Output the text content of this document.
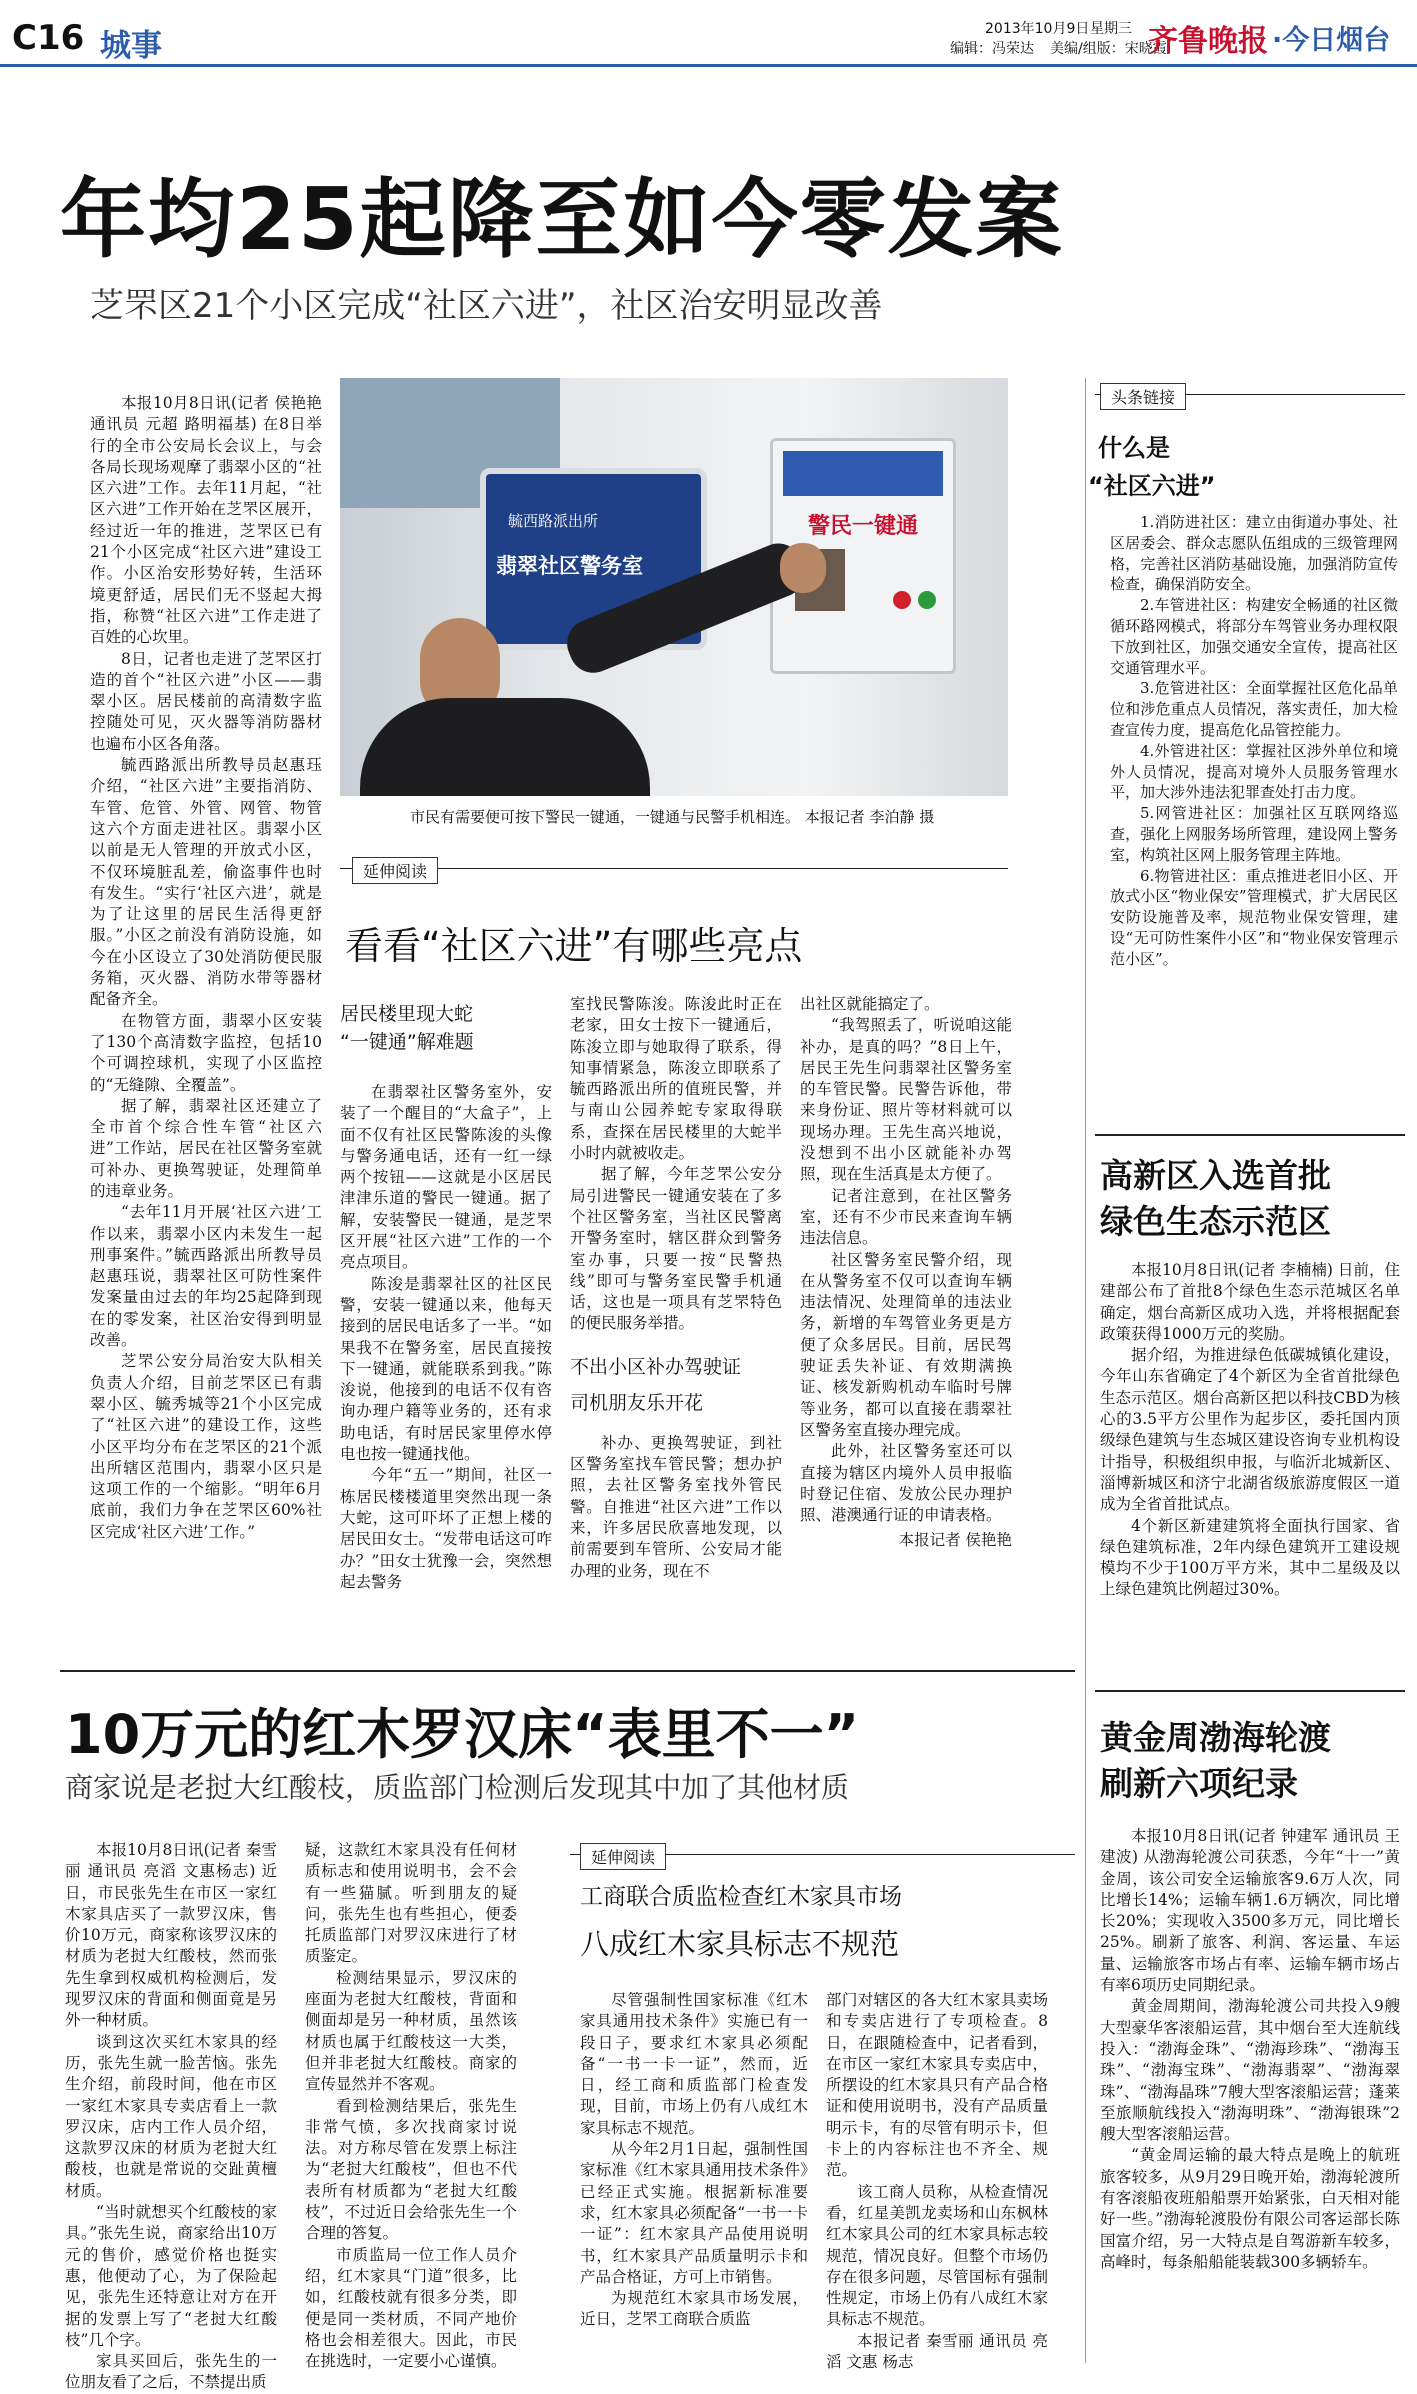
C16 城事	2013年10月9日 星期三
编辑：冯荣达 美编/组版：宋晓霞
齐鲁晚报 ·今日烟台
年均25起降至如今零发案
芝罘区21个小区完成“社区六进”，社区治安明显改善

本报10月8日讯(记者 侯艳艳 通讯员 元超 路明福基) 在8日举行的全市公安局长会议上，与会各局长现场观摩了翡翠小区的“社区六进”工作。去年11月起，“社区六进”工作开始在芝罘区展开，经过近一年的推进，芝罘区已有21个小区完成“社区六进”建设工作。小区治安形势好转，生活环境更舒适，居民们无不竖起大拇指，称赞“社区六进”工作走进了百姓的心坎里。

8日，记者也走进了芝罘区打造的首个“社区六进”小区——翡翠小区。居民楼前的高清数字监控随处可见，灭火器等消防器材也遍布小区各角落。

毓西路派出所教导员赵惠珏介绍，“社区六进”主要指消防、车管、危管、外管、网管、物管这六个方面走进社区。翡翠小区以前是无人管理的开放式小区，不仅环境脏乱差，偷盗事件也时有发生。“实行‘社区六进’，就是为了让这里的居民生活得更舒服。”小区之前没有消防设施，如今在小区设立了30处消防便民服务箱，灭火器、消防水带等器材配备齐全。

在物管方面，翡翠小区安装了130个高清数字监控，包括10个可调控球机，实现了小区监控的“无缝隙、全覆盖”。

据了解，翡翠社区还建立了全市首个综合性车管“社区六进”工作站，居民在社区警务室就可补办、更换驾驶证，处理简单的违章业务。

“去年11月开展‘社区六进’工作以来，翡翠小区内未发生一起刑事案件。”毓西路派出所教导员赵惠珏说，翡翠社区可防性案件发案量由过去的年均25起降到现在的零发案，社区治安得到明显改善。

芝罘公安分局治安大队相关负责人介绍，目前芝罘区已有翡翠小区、毓秀城等21个小区完成了“社区六进”的建设工作，这些小区平均分布在芝罘区的21个派出所辖区范围内，翡翠小区只是这项工作的一个缩影。“明年6月底前，我们力争在芝罘区60%社区完成‘社区六进’工作。”

毓西路派出所
翡翠社区警务室
警民一键通
市民有需要便可按下警民一键通，一键通与民警手机相连。 本报记者 李泊静 摄
延伸阅读
看看“社区六进”有哪些亮点
居民楼里现大蛇
“一键通”解难题

在翡翠社区警务室外，安装了一个醒目的“大盒子”，上面不仅有社区民警陈浚的头像与警务通电话，还有一红一绿两个按钮——这就是小区居民津津乐道的警民一键通。据了解，安装警民一键通，是芝罘区开展“社区六进”工作的一个亮点项目。

陈浚是翡翠社区的社区民警，安装一键通以来，他每天接到的居民电话多了一半。“如果我不在警务室，居民直接按下一键通，就能联系到我。”陈浚说，他接到的电话不仅有咨询办理户籍等业务的，还有求助电话，有时居民家里停水停电也按一键通找他。

今年“五一”期间，社区一栋居民楼楼道里突然出现一条大蛇，这可吓坏了正想上楼的居民田女士。“发带电话这可咋办？”田女士犹豫一会，突然想起去警务

室找民警陈浚。陈浚此时正在老家，田女士按下一键通后，陈浚立即与她取得了联系，得知事情紧急，陈浚立即联系了毓西路派出所的值班民警，并与南山公园养蛇专家取得联系，查探在居民楼里的大蛇半小时内就被收走。

据了解，今年芝罘公安分局引进警民一键通安装在了多个社区警务室，当社区民警离开警务室时，辖区群众到警务室办事，只要一按“民警热线”即可与警务室民警手机通话，这也是一项具有芝罘特色的便民服务举措。

不出小区补办驾驶证
司机朋友乐开花

补办、更换驾驶证，到社区警务室找车管民警；想办护照，去社区警务室找外管民警。自推进“社区六进”工作以来，许多居民欣喜地发现，以前需要到车管所、公安局才能办理的业务，现在不

出社区就能搞定了。

“我驾照丢了，听说咱这能补办，是真的吗？”8日上午，居民王先生问翡翠社区警务室的车管民警。民警告诉他，带来身份证、照片等材料就可以现场办理。王先生高兴地说，没想到不出小区就能补办驾照，现在生活真是太方便了。

记者注意到，在社区警务室，还有不少市民来查询车辆违法信息。

社区警务室民警介绍，现在从警务室不仅可以查询车辆违法情况、处理简单的违法业务，新增的车驾管业务更是方便了众多居民。目前，居民驾驶证丢失补证、有效期满换证、核发新购机动车临时号牌等业务，都可以直接在翡翠社区警务室直接办理完成。

此外，社区警务室还可以直接为辖区内境外人员申报临时登记住宿、发放公民办理护照、港澳通行证的申请表格。

本报记者 侯艳艳
头条链接
什么是
“社区六进”
1.消防进社区：建立由街道办事处、社区居委会、群众志愿队伍组成的三级管理网格，完善社区消防基础设施，加强消防宣传检查，确保消防安全。
2.车管进社区：构建安全畅通的社区微循环路网模式，将部分车驾管业务办理权限下放到社区，加强交通安全宣传，提高社区交通管理水平。
3.危管进社区：全面掌握社区危化品单位和涉危重点人员情况，落实责任，加大检查宣传力度，提高危化品管控能力。
4.外管进社区：掌握社区涉外单位和境外人员情况，提高对境外人员服务管理水平，加大涉外违法犯罪查处打击力度。
5.网管进社区：加强社区互联网络巡查，强化上网服务场所管理，建设网上警务室，构筑社区网上服务管理主阵地。
6.物管进社区：重点推进老旧小区、开放式小区“物业保安”管理模式，扩大居民区安防设施普及率，规范物业保安管理，建设“无可防性案件小区”和“物业保安管理示范小区”。
高新区入选首批
绿色生态示范区

本报10月8日讯(记者 李楠楠) 日前，住建部公布了首批8个绿色生态示范城区名单确定，烟台高新区成功入选，并将根据配套政策获得1000万元的奖励。

据介绍，为推进绿色低碳城镇化建设，今年山东省确定了4个新区为全省首批绿色生态示范区。烟台高新区把以科技CBD为核心的3.5平方公里作为起步区，委托国内顶级绿色建筑与生态城区建设咨询专业机构设计指导，积极组织申报，与临沂北城新区、淄博新城区和济宁北湖省级旅游度假区一道成为全省首批试点。

4个新区新建建筑将全面执行国家、省绿色建筑标准，2年内绿色建筑开工建设规模均不少于100万平方米，其中二星级及以上绿色建筑比例超过30%。

10万元的红木罗汉床“表里不一”
商家说是老挝大红酸枝，质监部门检测后发现其中加了其他材质

本报10月8日讯(记者 秦雪丽 通讯员 亮滔 文惠杨志) 近日，市民张先生在市区一家红木家具店买了一款罗汉床，售价10万元，商家称该罗汉床的材质为老挝大红酸枝，然而张先生拿到权威机构检测后，发现罗汉床的背面和侧面竟是另外一种材质。

谈到这次买红木家具的经历，张先生就一脸苦恼。张先生介绍，前段时间，他在市区一家红木家具专卖店看上一款罗汉床，店内工作人员介绍，这款罗汉床的材质为老挝大红酸枝，也就是常说的交趾黄檀材质。

“当时就想买个红酸枝的家具。”张先生说，商家给出10万元的售价，感觉价格也挺实惠，他便动了心，为了保险起见，张先生还特意让对方在开据的发票上写了“老挝大红酸枝”几个字。

家具买回后，张先生的一位朋友看了之后，不禁提出质

疑，这款红木家具没有任何材质标志和使用说明书，会不会有一些猫腻。听到朋友的疑问，张先生也有些担心，便委托质监部门对罗汉床进行了材质鉴定。

检测结果显示，罗汉床的座面为老挝大红酸枝，背面和侧面却是另一种材质，虽然该材质也属于红酸枝这一大类，但并非老挝大红酸枝。商家的宣传显然并不客观。

看到检测结果后，张先生非常气愤，多次找商家讨说法。对方称尽管在发票上标注为“老挝大红酸枝”，但也不代表所有材质都为“老挝大红酸枝”，不过近日会给张先生一个合理的答复。

市质监局一位工作人员介绍，红木家具“门道”很多，比如，红酸枝就有很多分类，即便是同一类材质，不同产地价格也会相差很大。因此，市民在挑选时，一定要小心谨慎。

延伸阅读
工商联合质监检查红木家具市场
八成红木家具标志不规范

尽管强制性国家标准《红木家具通用技术条件》实施已有一段日子，要求红木家具必须配备“一书一卡一证”，然而，近日，经工商和质监部门检查发现，目前，市场上仍有八成红木家具标志不规范。

从今年2月1日起，强制性国家标准《红木家具通用技术条件》已经正式实施。根据新标准要求，红木家具必须配备“一书一卡一证”：红木家具产品使用说明书，红木家具产品质量明示卡和产品合格证，方可上市销售。

为规范红木家具市场发展，近日，芝罘工商联合质监

部门对辖区的各大红木家具卖场和专卖店进行了专项检查。8日，在跟随检查中，记者看到，在市区一家红木家具专卖店中，所摆设的红木家具只有产品合格证和使用说明书，没有产品质量明示卡，有的尽管有明示卡，但卡上的内容标注也不齐全、规范。

该工商人员称，从检查情况看，红星美凯龙卖场和山东枫林红木家具公司的红木家具标志较规范，情况良好。但整个市场仍存在很多问题，尽管国标有强制性规定，市场上仍有八成红木家具标志不规范。

本报记者 秦雪丽 通讯员 亮滔 文惠 杨志
黄金周渤海轮渡
刷新六项纪录

本报10月8日讯(记者 钟建军 通讯员 王建波) 从渤海轮渡公司获悉，今年“十一”黄金周，该公司安全运输旅客9.6万人次，同比增长14%；运输车辆1.6万辆次，同比增长20%；实现收入3500多万元，同比增长25%。刷新了旅客、利润、客运量、车运量、运输旅客市场占有率、运输车辆市场占有率6项历史同期纪录。

黄金周期间，渤海轮渡公司共投入9艘大型豪华客滚船运营，其中烟台至大连航线投入：“渤海金珠”、“渤海珍珠”、“渤海玉珠”、“渤海宝珠”、“渤海翡翠”、“渤海翠珠”、“渤海晶珠”7艘大型客滚船运营；蓬莱至旅顺航线投入“渤海明珠”、“渤海银珠”2艘大型客滚船运营。

“黄金周运输的最大特点是晚上的航班旅客较多，从9月29日晚开始，渤海轮渡所有客滚船夜班船船票开始紧张，白天相对能好一些。”渤海轮渡股份有限公司客运部长陈国富介绍，另一大特点是自驾游新车较多，高峰时，每条船船能装载300多辆轿车。
